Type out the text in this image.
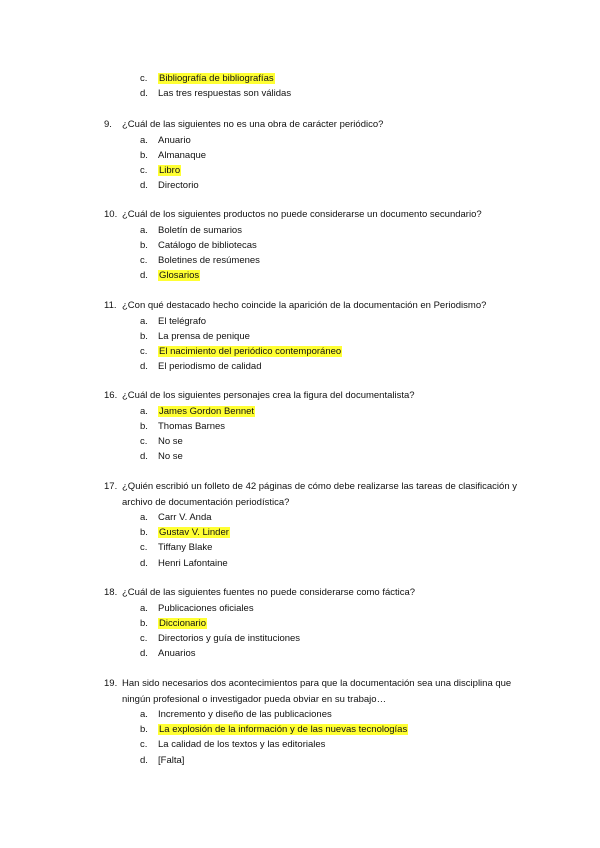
c. Bibliografía de bibliografías
d. Las tres respuestas son válidas
9. ¿Cuál de las siguientes no es una obra de carácter periódico?
a. Anuario
b. Almanaque
c. Libro
d. Directorio
10. ¿Cuál de los siguientes productos no puede considerarse un documento secundario?
a. Boletín de sumarios
b. Catálogo de bibliotecas
c. Boletines de resúmenes
d. Glosarios
11. ¿Con qué destacado hecho coincide la aparición de la documentación en Periodismo?
a. El telégrafo
b. La prensa de penique
c. El nacimiento del periódico contemporáneo
d. El periodismo de calidad
16. ¿Cuál de los siguientes personajes crea la figura del documentalista?
a. James Gordon Bennet
b. Thomas Barnes
c. No se
d. No se
17. ¿Quién escribió un folleto de 42 páginas de cómo debe realizarse las tareas de clasificación y archivo de documentación periodística?
a. Carr V. Anda
b. Gustav V. Linder
c. Tiffany Blake
d. Henri Lafontaine
18. ¿Cuál de las siguientes fuentes no puede considerarse como fáctica?
a. Publicaciones oficiales
b. Diccionario
c. Directorios y guía de instituciones
d. Anuarios
19. Han sido necesarios dos acontecimientos para que la documentación sea una disciplina que ningún profesional o investigador pueda obviar en su trabajo…
a. Incremento y diseño de las publicaciones
b. La explosión de la información y de las nuevas tecnologías
c. La calidad de los textos y las editoriales
d. [Falta]
